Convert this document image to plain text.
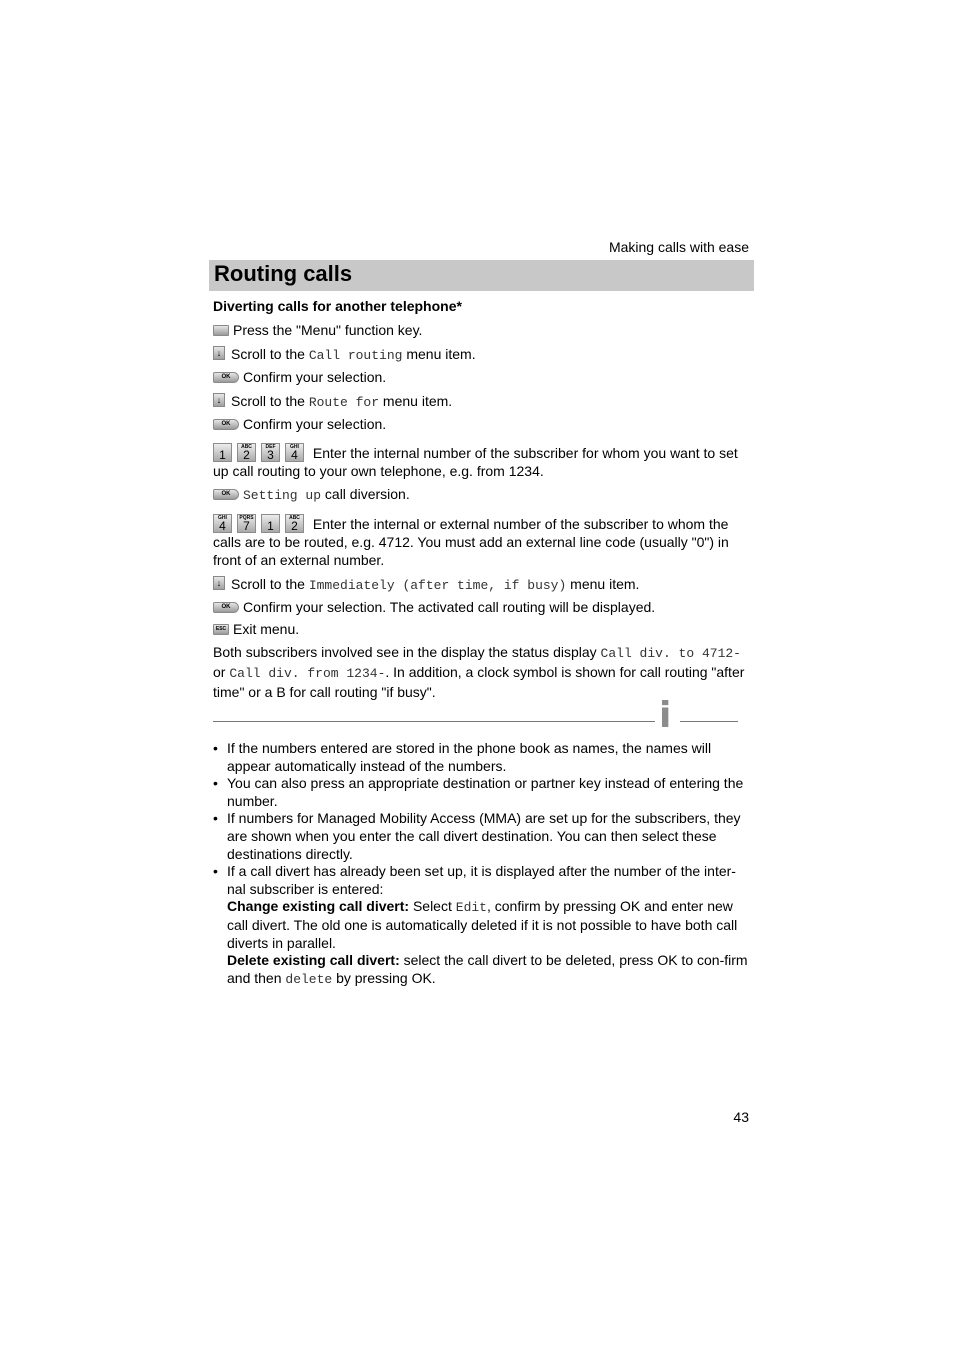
Making calls with ease
Routing calls
Diverting calls for another telephone*
Press the "Menu" function key.
↓ Scroll to the Call routing menu item.
OK Confirm your selection.
↓ Scroll to the Route for menu item.
OK Confirm your selection.
1
ABC
2
DEF
3
GHI
4	Enter the internal number of the subscriber for whom you want to set up call routing to your own telephone, e.g. from 1234.
OK Setting up call diversion.
GHI
4
PQRS
7	1
ABC
2	Enter the internal or external number of the subscriber to whom the calls are to be routed, e.g. 4712. You must add an external line code (usually "0") in front of an external number.
↓ Scroll to the Immediately (after time, if busy) menu item.
OK Confirm your selection. The activated call routing will be displayed.
ESC Exit menu.
Both subscribers involved see in the display the status display Call div. to 4712- or Call div. from 1234-. In addition, a clock symbol is shown for call routing "after time" or a B for call routing "if busy".
i
• If the numbers entered are stored in the phone book as names, the names will appear automatically instead of the numbers.
• You can also press an appropriate destination or partner key instead of entering the number.
• If numbers for Managed Mobility Access (MMA) are set up for the subscribers, they are shown when you enter the call divert destination. You can then select these destinations directly.
• If a call divert has already been set up, it is displayed after the number of the inter-nal subscriber is entered:
Change existing call divert: Select Edit, confirm by pressing OK and enter new call divert. The old one is automatically deleted if it is not possible to have both call diverts in parallel.
Delete existing call divert: select the call divert to be deleted, press OK to con-firm and then delete by pressing OK.
43
